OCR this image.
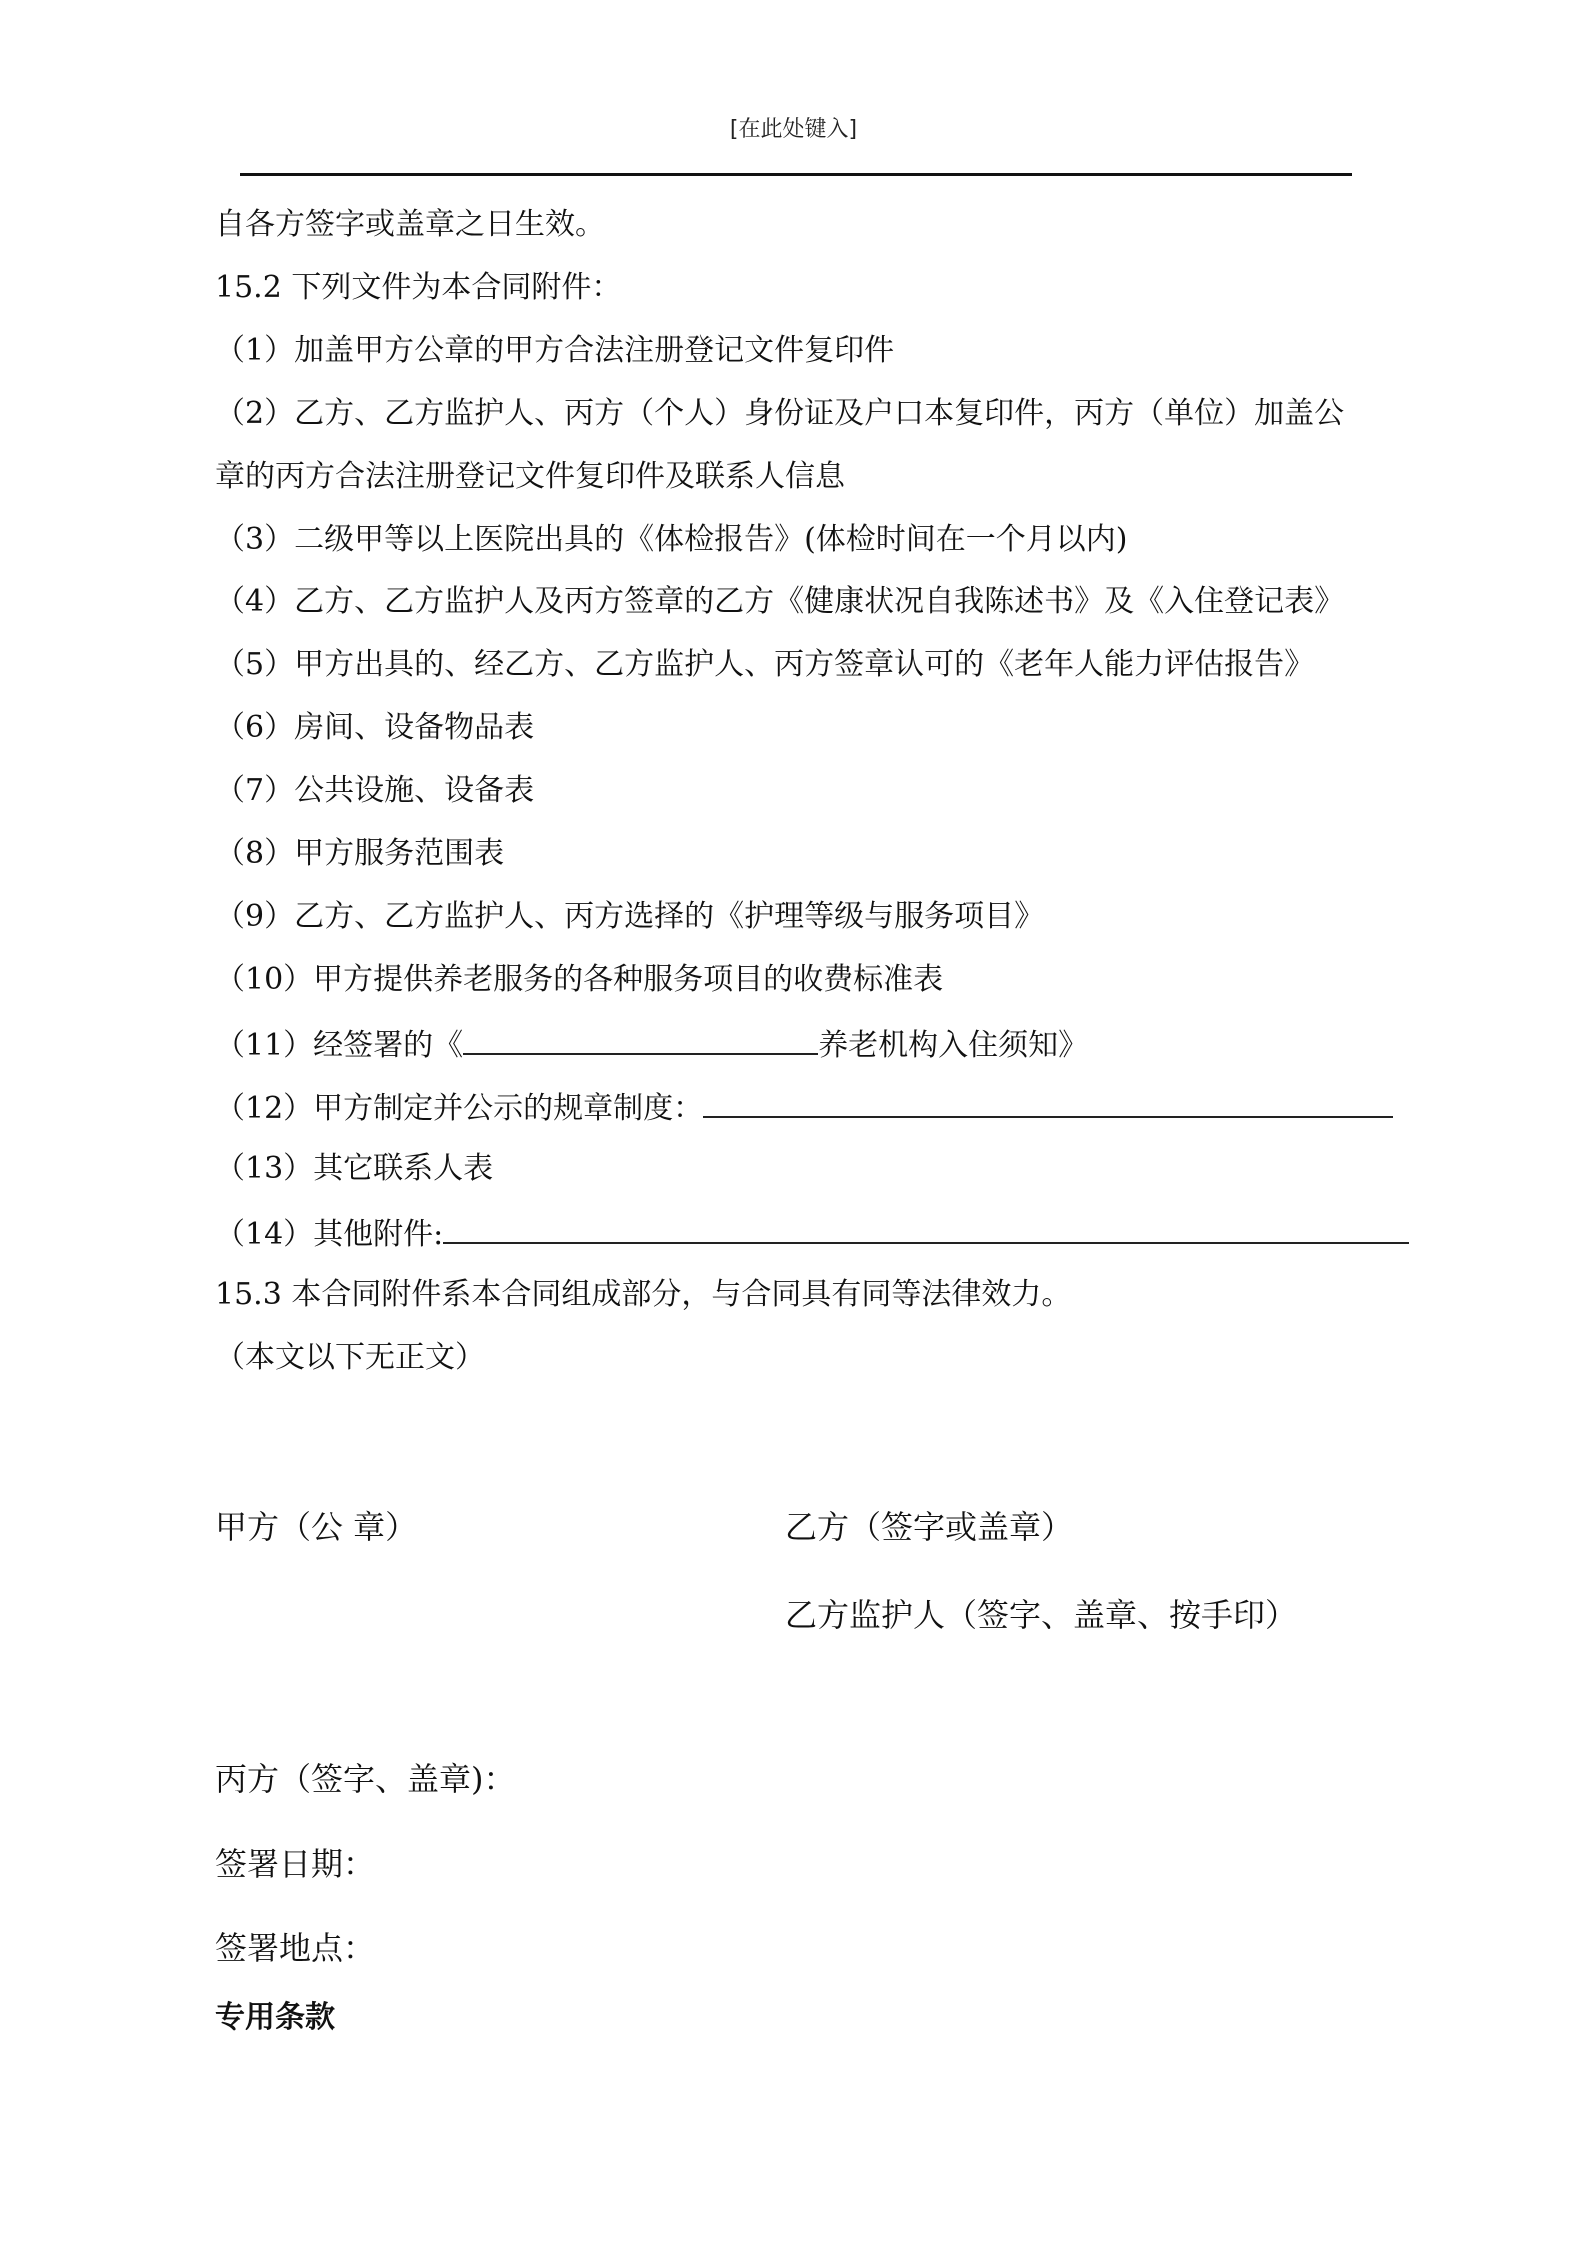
[在此处键入]
自各方签字或盖章之日生效。
15.2 下列文件为本合同附件：
（1）加盖甲方公章的甲方合法注册登记文件复印件
（2）乙方、乙方监护人、丙方（个人）身份证及户口本复印件，丙方（单位）加盖公
章的丙方合法注册登记文件复印件及联系人信息
（3）二级甲等以上医院出具的《体检报告》(体检时间在一个月以内)
（4）乙方、乙方监护人及丙方签章的乙方《健康状况自我陈述书》及《入住登记表》
（5）甲方出具的、经乙方、乙方监护人、丙方签章认可的《老年人能力评估报告》
（6）房间、设备物品表
（7）公共设施、设备表
（8）甲方服务范围表
（9）乙方、乙方监护人、丙方选择的《护理等级与服务项目》
（10）甲方提供养老服务的各种服务项目的收费标准表
（11）经签署的《	养老机构入住须知》
（12）甲方制定并公示的规章制度：
（13）其它联系人表
（14）其他附件:
15.3 本合同附件系本合同组成部分，与合同具有同等法律效力。
（本文以下无正文）
甲方（公 章）	乙方（签字或盖章）
乙方监护人（签字、盖章、按手印）
丙方（签字、盖章)：
签署日期：
签署地点：
专用条款
